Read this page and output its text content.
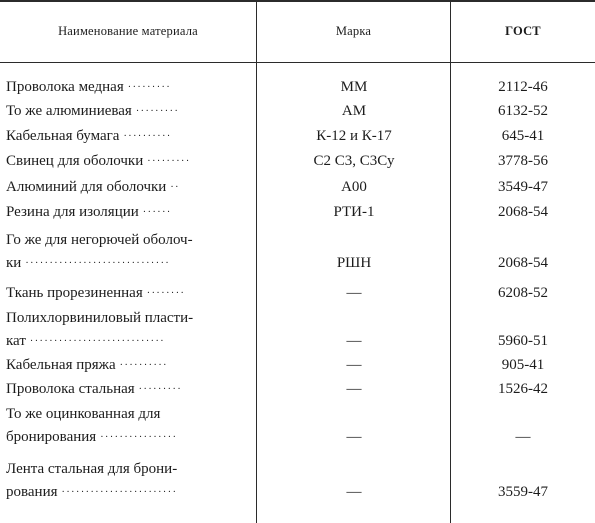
Наименование материала	Марка	ГОСТ
Проволока медная ·········	ММ	2112-46
То же алюминиевая ·········	АМ	6132-52
Кабельная бумага ··········	К-12 и К-17	645-41
Свинец для оболочки ·········	С2 С3, С3Су	3778-56
Алюминий для оболочки ··	А00	3549-47
Резина для изоляции ······	РТИ-1	2068-54
Го же для негорючей оболоч-
ки ······························	РШН	2068-54
Ткань прорезиненная ········	—	6208-52
Полихлорвиниловый пласти-
кат ····························	—	5960-51
Кабельная пряжа ··········	—	905-41
Проволока стальная ·········	—	1526-42
То же оцинкованная для
бронирования ················	—	—
Лента стальная для брони-
рования ························	—	3559-47
